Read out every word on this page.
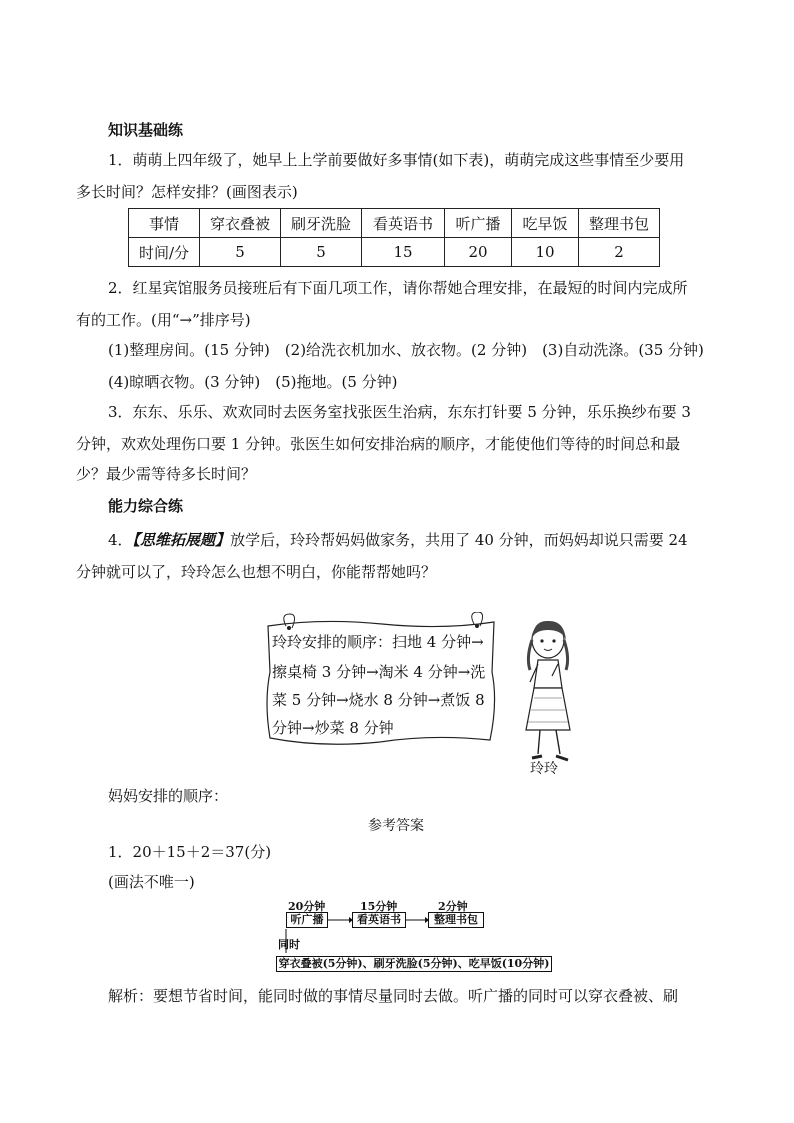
知识基础练
1．萌萌上四年级了，她早上上学前要做好多事情(如下表)，萌萌完成这些事情至少要用
多长时间？怎样安排？(画图表示)
事情	穿衣叠被	刷牙洗脸	看英语书	听广播	吃早饭	整理书包
时间/分	5	5	15	20	10	2
2．红星宾馆服务员接班后有下面几项工作，请你帮她合理安排，在最短的时间内完成所
有的工作。(用“→”排序号)
(1)整理房间。(15 分钟)　(2)给洗衣机加水、放衣物。(2 分钟)　(3)自动洗涤。(35 分钟)
(4)晾晒衣物。(3 分钟)　(5)拖地。(5 分钟)
3．东东、乐乐、欢欢同时去医务室找张医生治病，东东打针要 5 分钟，乐乐换纱布要 3
分钟，欢欢处理伤口要 1 分钟。张医生如何安排治病的顺序，才能使他们等待的时间总和最
少？最少需等待多长时间？
能力综合练
4．【思维拓展题】放学后，玲玲帮妈妈做家务，共用了 40 分钟，而妈妈却说只需要 24
分钟就可以了，玲玲怎么也想不明白，你能帮帮她吗？
玲玲安排的顺序：扫地 4 分钟→
擦桌椅 3 分钟→淘米 4 分钟→洗
菜 5 分钟→烧水 8 分钟→煮饭 8
分钟→炒菜 8 分钟
玲玲
妈妈安排的顺序：
参考答案
1．20＋15＋2＝37(分)
(画法不唯一)
20分钟
听广播
15分钟
看英语书
2分钟
整理书包
同时
穿衣叠被(5分钟)、刷牙洗脸(5分钟)、吃早饭(10分钟)
解析：要想节省时间，能同时做的事情尽量同时去做。听广播的同时可以穿衣叠被、刷
